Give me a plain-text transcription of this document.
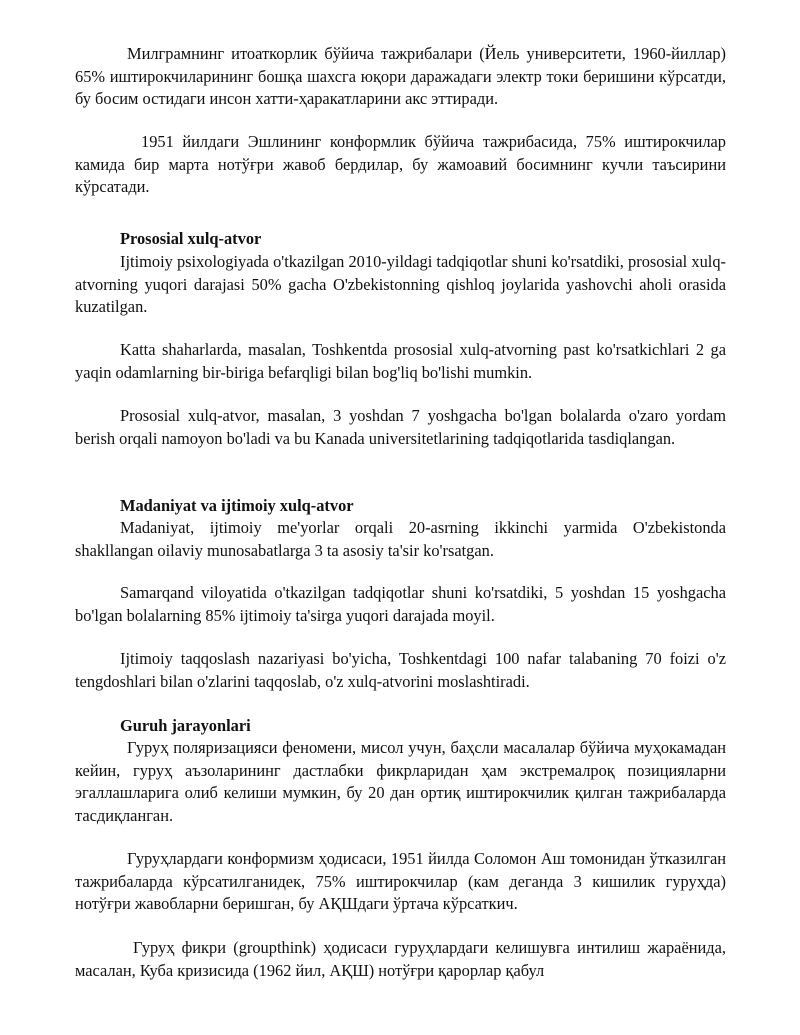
Милграмнинг итоаткорлик бўйича тажрибалари (Йель университети, 1960-йиллар) 65% иштирокчиларининг бошқа шахсга юқори даражадаги электр токи беришини кўрсатди, бу босим остидаги инсон хатти-ҳаракатларини акс эттиради.

1951 йилдаги Эшлининг конформлик бўйича тажрибасида, 75% иштирокчилар камида бир марта нотўғри жавоб бердилар, бу жамоавий босимнинг кучли таъсирини кўрсатади.

Prososial xulq-atvor

Ijtimoiy psixologiyada o'tkazilgan 2010-yildagi tadqiqotlar shuni ko'rsatdiki, prososial xulq-atvorning yuqori darajasi 50% gacha O'zbekistonning qishloq joylarida yashovchi aholi orasida kuzatilgan.

Katta shaharlarda, masalan, Toshkentda prososial xulq-atvorning past ko'rsatkichlari 2 ga yaqin odamlarning bir-biriga befarqligi bilan bog'liq bo'lishi mumkin.

Prososial xulq-atvor, masalan, 3 yoshdan 7 yoshgacha bo'lgan bolalarda o'zaro yordam berish orqali namoyon bo'ladi va bu Kanada universitetlarining tadqiqotlarida tasdiqlangan.

Madaniyat va ijtimoiy xulq-atvor

Madaniyat, ijtimoiy me'yorlar orqali 20-asrning ikkinchi yarmida O'zbekistonda shakllangan oilaviy munosabatlarga 3 ta asosiy ta'sir ko'rsatgan.

Samarqand viloyatida o'tkazilgan tadqiqotlar shuni ko'rsatdiki, 5 yoshdan 15 yoshgacha bo'lgan bolalarning 85% ijtimoiy ta'sirga yuqori darajada moyil.

Ijtimoiy taqqoslash nazariyasi bo'yicha, Toshkentdagi 100 nafar talabaning 70 foizi o'z tengdoshlari bilan o'zlarini taqqoslab, o'z xulq-atvorini moslashtiradi.

Guruh jarayonlari

Гуруҳ поляризацияси феномени, мисол учун, баҳсли масалалар бўйича муҳокамадан кейин, гуруҳ аъзоларининг дастлабки фикрларидан ҳам экстремалроқ позицияларни эгаллашларига олиб келиши мумкин, бу 20 дан ортиқ иштирокчилик қилган тажрибаларда тасдиқланган.

Гуруҳлардаги конформизм ҳодисаси, 1951 йилда Соломон Аш томонидан ўтказилган тажрибаларда кўрсатилганидек, 75% иштирокчилар (кам деганда 3 кишилик гуруҳда) нотўғри жавобларни беришган, бу АҚШдаги ўртача кўрсаткич.

Гуруҳ фикри (groupthink) ҳодисаси гуруҳлардаги келишувга интилиш жараёнида, масалан, Куба кризисида (1962 йил, АҚШ) нотўғри қарорлар қабул
